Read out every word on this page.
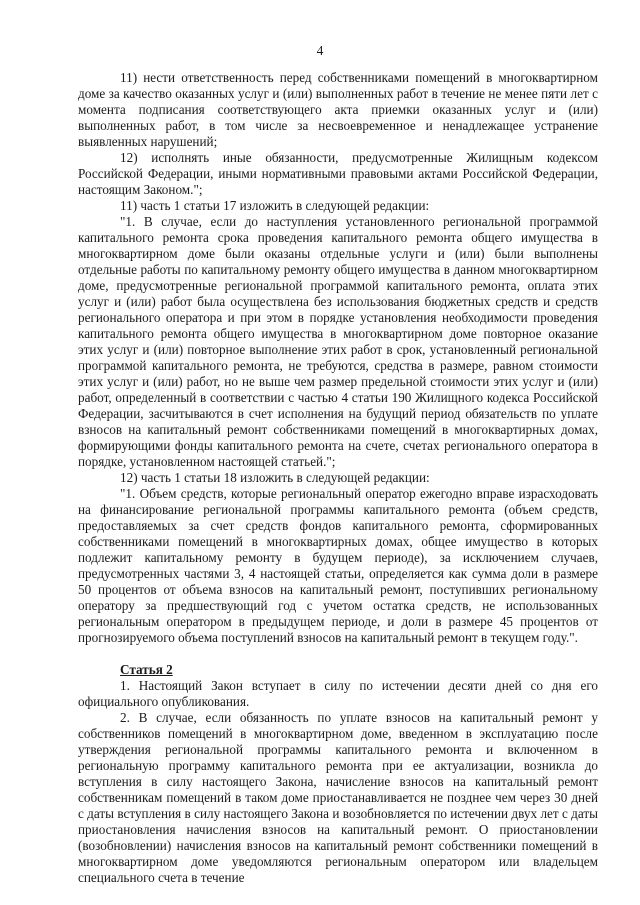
4

11) нести ответственность перед собственниками помещений в многоквартирном доме за качество оказанных услуг и (или) выполненных работ в течение не менее пяти лет с момента подписания соответствующего акта приемки оказанных услуг и (или) выполненных работ, в том числе за несвоевременное и ненадлежащее устранение выявленных нарушений;

12) исполнять иные обязанности, предусмотренные Жилищным кодексом Российской Федерации, иными нормативными правовыми актами Российской Федерации, настоящим Законом.";

11) часть 1 статьи 17 изложить в следующей редакции:

"1. В случае, если до наступления установленного региональной программой капитального ремонта срока проведения капитального ремонта общего имущества в многоквартирном доме были оказаны отдельные услуги и (или) были выполнены отдельные работы по капитальному ремонту общего имущества в данном многоквартирном доме, предусмотренные региональной программой капитального ремонта, оплата этих услуг и (или) работ была осуществлена без использования бюджетных средств и средств регионального оператора и при этом в порядке установления необходимости проведения капитального ремонта общего имущества в многоквартирном доме повторное оказание этих услуг и (или) повторное выполнение этих работ в срок, установленный региональной программой капитального ремонта, не требуются, средства в размере, равном стоимости этих услуг и (или) работ, но не выше чем размер предельной стоимости этих услуг и (или) работ, определенный в соответствии с частью 4 статьи 190 Жилищного кодекса Российской Федерации, засчитываются в счет исполнения на будущий период обязательств по уплате взносов на капитальный ремонт собственниками помещений в многоквартирных домах, формирующими фонды капитального ремонта на счете, счетах регионального оператора в порядке, установленном настоящей статьей.";

12) часть 1 статьи 18 изложить в следующей редакции:

"1. Объем средств, которые региональный оператор ежегодно вправе израсходовать на финансирование региональной программы капитального ремонта (объем средств, предоставляемых за счет средств фондов капитального ремонта, сформированных собственниками помещений в многоквартирных домах, общее имущество в которых подлежит капитальному ремонту в будущем периоде), за исключением случаев, предусмотренных частями 3, 4 настоящей статьи, определяется как сумма доли в размере 50 процентов от объема взносов на капитальный ремонт, поступивших региональному оператору за предшествующий год с учетом остатка средств, не использованных региональным оператором в предыдущем периоде, и доли в размере 45 процентов от прогнозируемого объема поступлений взносов на капитальный ремонт в текущем году.".

Статья 2

1. Настоящий Закон вступает в силу по истечении десяти дней со дня его официального опубликования.

2. В случае, если обязанность по уплате взносов на капитальный ремонт у собственников помещений в многоквартирном доме, введенном в эксплуатацию после утверждения региональной программы капитального ремонта и включенном в региональную программу капитального ремонта при ее актуализации, возникла до вступления в силу настоящего Закона, начисление взносов на капитальный ремонт собственникам помещений в таком доме приостанавливается не позднее чем через 30 дней с даты вступления в силу настоящего Закона и возобновляется по истечении двух лет с даты приостановления начисления взносов на капитальный ремонт. О приостановлении (возобновлении) начисления взносов на капитальный ремонт собственники помещений в многоквартирном доме уведомляются региональным оператором или владельцем специального счета в течение
